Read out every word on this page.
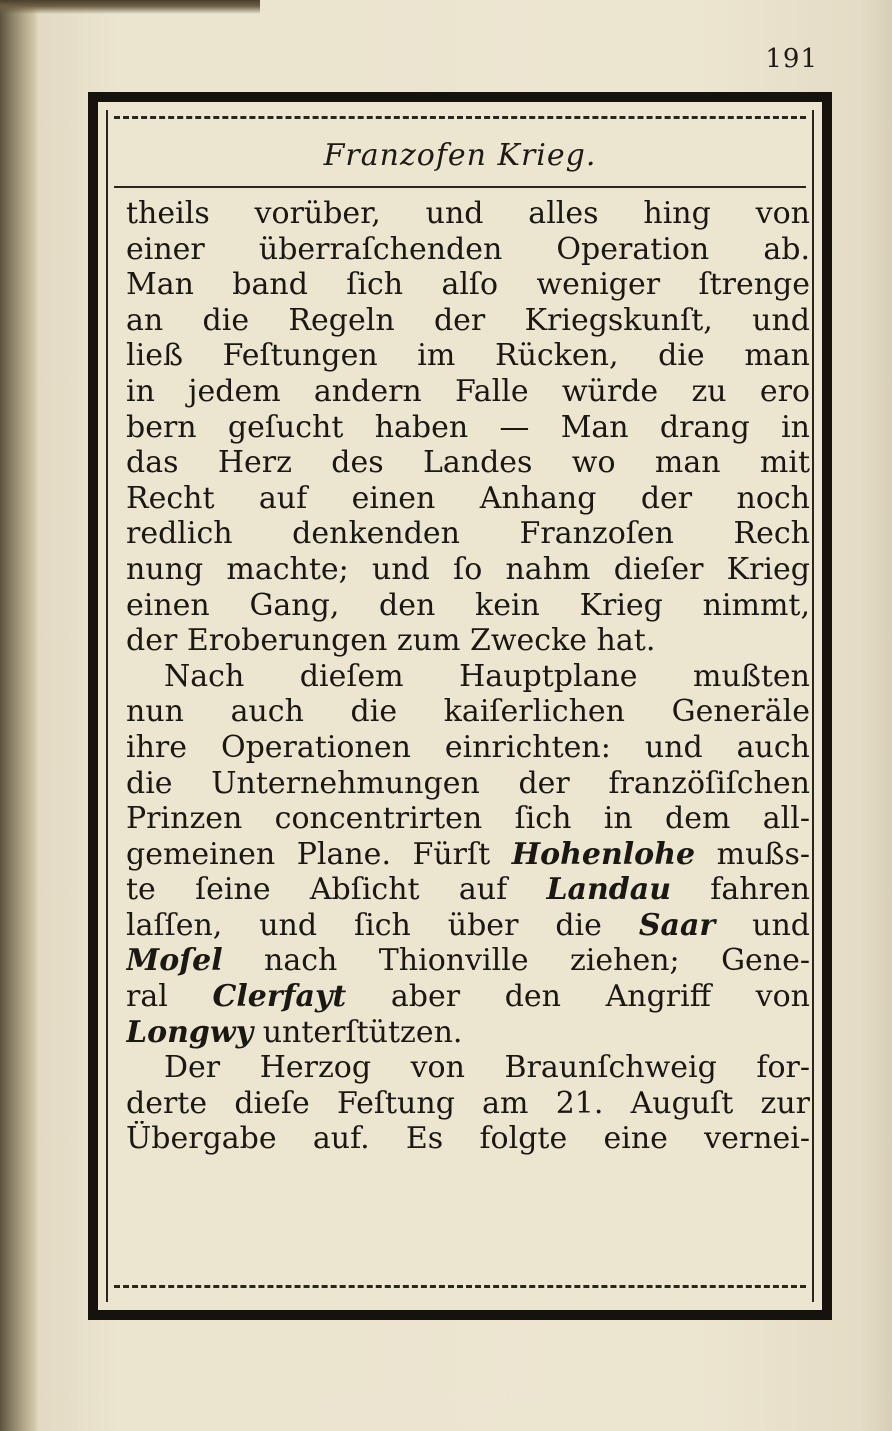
191
Franzofen Krieg.
theils vorüber, und alles hing von
einer überraſchenden Operation ab.
Man band ſich alſo weniger ſtrenge
an die Regeln der Kriegskunſt, und
ließ Feſtungen im Rücken, die man
in jedem andern Falle würde zu ero
bern geſucht haben — Man drang in
das Herz des Landes wo man mit
Recht auf einen Anhang der noch
redlich denkenden Franzoſen Rech
nung machte; und ſo nahm dieſer Krieg
einen Gang, den kein Krieg nimmt,
der Eroberungen zum Zwecke hat.
Nach dieſem Hauptplane mußten
nun auch die kaiſerlichen Generäle
ihre Operationen einrichten: und auch
die Unternehmungen der franzöſiſchen
Prinzen concentrirten ſich in dem all-
gemeinen Plane. Fürſt Hohenlohe mußs-
te ſeine Abſicht auf Landau fahren
laſſen, und ſich über die Saar und
Moſel nach Thionville ziehen; Gene-
ral Clerfayt aber den Angriff von
Longwy unterſtützen.
Der Herzog von Braunſchweig for-
derte dieſe Feſtung am 21. Auguſt zur
Übergabe auf. Es folgte eine vernei-
